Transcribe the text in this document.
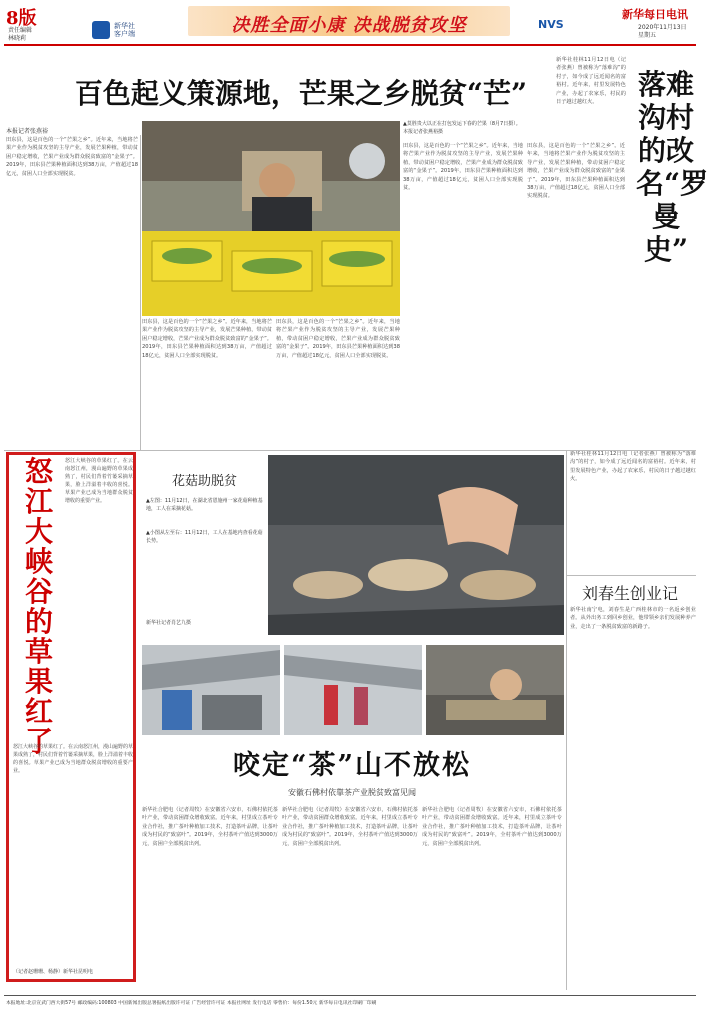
8版
责任编辑
林晓莉
新华社
客户端	决胜全面小康 决战脱贫攻坚	NVS
新华每日电讯
2020年11月13日
星期五
百色起义策源地，芒果之乡脱贫“芒”
本报记者张燕裕
田东县，这是百色的一个“芒果之乡”。近年来，当地将芒果产业作为脱贫攻坚的主导产业，发展芒果种植，带动贫困户稳定增收，芒果产业成为群众脱贫致富的“金果子”。2019年，田东县芒果种植面积达到38万亩，产值超过18亿元，贫困人口全部实现脱贫。
▲莫胜贵大以正在打包发运下春的芒果（8月7日摄）。本报记者张燕裕摄
田东县，这是百色的一个“芒果之乡”。近年来，当地将芒果产业作为脱贫攻坚的主导产业，发展芒果种植，带动贫困户稳定增收，芒果产业成为群众脱贫致富的“金果子”。2019年，田东县芒果种植面积达到38万亩，产值超过18亿元，贫困人口全部实现脱贫。
田东县，这是百色的一个“芒果之乡”。近年来，当地将芒果产业作为脱贫攻坚的主导产业，发展芒果种植，带动贫困户稳定增收，芒果产业成为群众脱贫致富的“金果子”。2019年，田东县芒果种植面积达到38万亩，产值超过18亿元，贫困人口全部实现脱贫。
田东县，这是百色的一个“芒果之乡”。近年来，当地将芒果产业作为脱贫攻坚的主导产业，发展芒果种植，带动贫困户稳定增收，芒果产业成为群众脱贫致富的“金果子”。2019年，田东县芒果种植面积达到38万亩，产值超过18亿元，贫困人口全部实现脱贫。
田东县，这是百色的一个“芒果之乡”。近年来，当地将芒果产业作为脱贫攻坚的主导产业，发展芒果种植，带动贫困户稳定增收，芒果产业成为群众脱贫致富的“金果子”。2019年，田东县芒果种植面积达到38万亩，产值超过18亿元，贫困人口全部实现脱贫。
新华社桂林11月12日电（记者张燕）曾被称为“落难沟”的村子，如今成了远近闻名的富裕村。近年来，村里发展特色产业，办起了农家乐，村民的日子越过越红火。
落难沟村的改名“罗曼史”
新华社桂林11月12日电（记者张燕）曾被称为“落难沟”的村子，如今成了远近闻名的富裕村。近年来，村里发展特色产业，办起了农家乐，村民的日子越过越红火。
怒江大峡谷的草果红了
怒江大峡谷的草果红了。在云南怒江州，漫山遍野的草果成熟了，村民们背着竹篓采摘草果，脸上洋溢着丰收的喜悦。草果产业已成为当地群众脱贫增收的重要产业。
怒江大峡谷的草果红了。在云南怒江州，漫山遍野的草果成熟了，村民们背着竹篓采摘草果，脸上洋溢着丰收的喜悦。草果产业已成为当地群众脱贫增收的重要产业。
（记者赵珊珊、杨静）新华社昆明电
花菇助脱贫
▲左图：11月12日，在湖北省恩施州一家花菇种植基地，工人在采摘花菇。
▲小图从左至右：11月12日，工人在基地内查看花菇长势。
新华社记者肖艺九摄
咬定“茶”山不放松
安徽石佛村依靠茶产业脱贫致富见闻
新华社合肥电（记者周牧）在安徽省六安市，石佛村依托茶叶产业，带动贫困群众增收致富。近年来，村里成立茶叶专业合作社，推广茶叶种植加工技术，打造茶叶品牌，让茶叶成为村民的“致富叶”。2019年，全村茶叶产值达到3000万元，贫困户全部脱贫出列。
新华社合肥电（记者周牧）在安徽省六安市，石佛村依托茶叶产业，带动贫困群众增收致富。近年来，村里成立茶叶专业合作社，推广茶叶种植加工技术，打造茶叶品牌，让茶叶成为村民的“致富叶”。2019年，全村茶叶产值达到3000万元，贫困户全部脱贫出列。
新华社合肥电（记者周牧）在安徽省六安市，石佛村依托茶叶产业，带动贫困群众增收致富。近年来，村里成立茶叶专业合作社，推广茶叶种植加工技术，打造茶叶品牌，让茶叶成为村民的“致富叶”。2019年，全村茶叶产值达到3000万元，贫困户全部脱贫出列。
刘春生创业记
新华社南宁电，刘春生是广西桂林市的一名返乡创业者。从外出务工到回乡创业，他带领乡亲们发展种养产业，走出了一条脱贫致富的新路子。
本报地址:北京宣武门西大街57号 邮政编码:100803 中国新闻出版总署报纸出版许可证 广告经营许可证 本报社网址 发行电话 零售价：每份1.50元 新华每日电讯社印刷厂印刷
